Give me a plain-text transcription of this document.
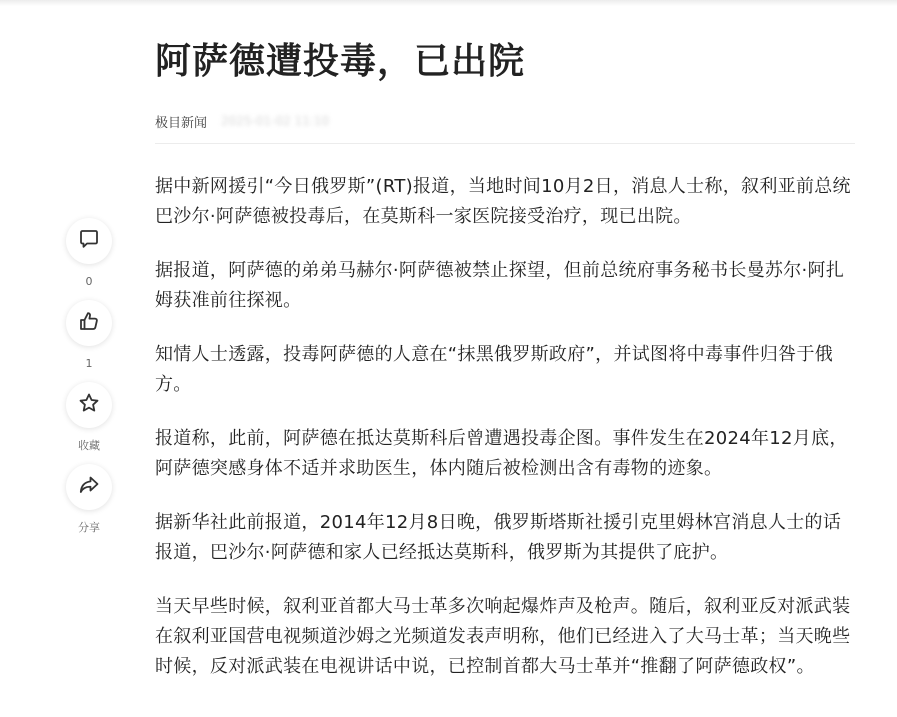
0
1
收藏
分享
阿萨德遭投毒，已出院
极目新闻 2025-01-02 11:10

据中新网援引“今日俄罗斯”(RT)报道，当地时间10月2日，消息人士称，叙利亚前总统巴沙尔·阿萨德被投毒后，在莫斯科一家医院接受治疗，现已出院。

据报道，阿萨德的弟弟马赫尔·阿萨德被禁止探望，但前总统府事务秘书长曼苏尔·阿扎姆获准前往探视。

知情人士透露，投毒阿萨德的人意在“抹黑俄罗斯政府”，并试图将中毒事件归咎于俄方。

报道称，此前，阿萨德在抵达莫斯科后曾遭遇投毒企图。事件发生在2024年12月底，阿萨德突感身体不适并求助医生，体内随后被检测出含有毒物的迹象。

据新华社此前报道，2014年12月8日晚，俄罗斯塔斯社援引克里姆林宫消息人士的话报道，巴沙尔·阿萨德和家人已经抵达莫斯科，俄罗斯为其提供了庇护。

当天早些时候，叙利亚首都大马士革多次响起爆炸声及枪声。随后，叙利亚反对派武装在叙利亚国营电视频道沙姆之光频道发表声明称，他们已经进入了大马士革；当天晚些时候，反对派武装在电视讲话中说，已控制首都大马士革并“推翻了阿萨德政权”。
